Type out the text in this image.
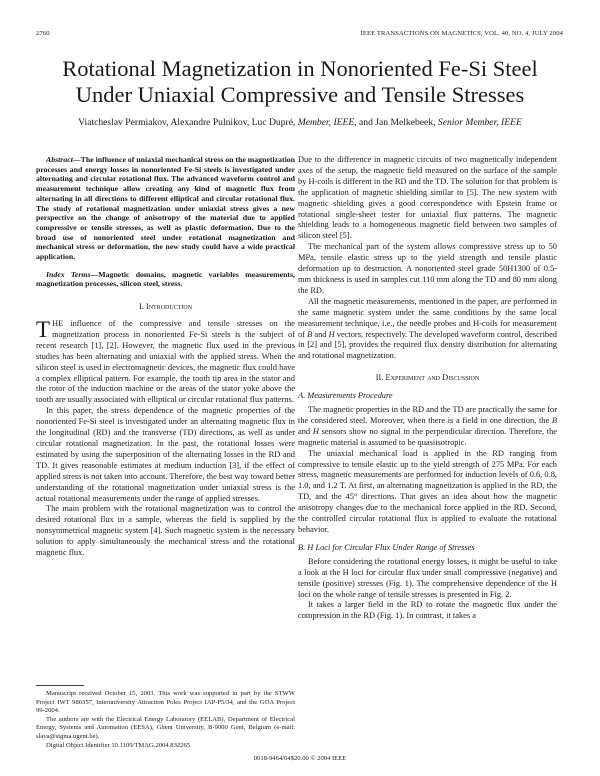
2760	IEEE TRANSACTIONS ON MAGNETICS, VOL. 40, NO. 4, JULY 2004
Rotational Magnetization in Nonoriented Fe-Si Steel
Under Uniaxial Compressive and Tensile Stresses
Viatcheslav Permiakov, Alexandre Pulnikov, Luc Dupré, Member, IEEE, and Jan Melkebeek, Senior Member, IEEE

Abstract—The influence of uniaxial mechanical stress on the magnetization processes and energy losses in nonoriented Fe-Si steels is investigated under alternating and circular rotational flux. The advanced waveform control and measurement technique allow creating any kind of magnetic flux from alternating in all directions to different elliptical and circular rotational flux. The study of rotational magnetization under uniaxial stress gives a new perspective on the change of anisotropy of the material due to applied compressive or tensile stresses, as well as plastic deformation. Due to the broad use of nonoriented steel under rotational magnetization and mechanical stress or deformation, the new study could have a wide practical application.

Index Terms—Magnetic domains, magnetic variables measurements, magnetization processes, silicon steel, stress.

I. Introduction

THE influence of the compressive and tensile stresses on the magnetization process in nonoriented Fe-Si steels is the subject of recent research [1], [2]. However, the magnetic flux used in the previous studies has been alternating and uniaxial with the applied stress. When the silicon steel is used in electromagnetic devices, the magnetic flux could have a complex elliptical pattern. For example, the tooth tip area in the stator and the rotor of the induction machine or the areas of the stator yoke above the tooth are usually associated with elliptical or circular rotational flux patterns.

In this paper, the stress dependence of the magnetic properties of the nonoriented Fe-Si steel is investigated under an alternating magnetic flux in the longitudinal (RD) and the transverse (TD) directions, as well as under circular rotational magnetization. In the past, the rotational losses were estimated by using the superposition of the alternating losses in the RD and TD. It gives reasonable estimates at medium induction [3], if the effect of applied stress is not taken into account. Therefore, the best way toward better understanding of the rotational magnetization under uniaxial stress is the actual rotational measurements under the range of applied stresses.

The main problem with the rotational magnetization was to control the desired rotational flux in a sample, whereas the field is supplied by the nonsymmetrical magnetic system [4]. Such magnetic system is the necessary solution to apply simultaneously the mechanical stress and the rotational magnetic flux.

Due to the difference in magnetic circuits of two magnetically independent axes of the setup, the magnetic field measured on the surface of the sample by H-coils is different in the RD and the TD. The solution for that problem is the application of magnetic shielding similar to [5]. The new system with magnetic shielding gives a good correspondence with Epstein frame or rotational single-sheet tester for uniaxial flux patterns. The magnetic shielding leads to a homogeneous magnetic field between two samples of silicon steel [5].

The mechanical part of the system allows compressive stress up to 50 MPa, tensile elastic stress up to the yield strength and tensile plastic deformation up to destruction. A nonoriented steel grade 50H1300 of 0.5-mm thickness is used in samples cut 110 mm along the TD and 80 mm along the RD.

All the magnetic measurements, mentioned in the paper, are performed in the same magnetic system under the same conditions by the same local measurement technique, i.e., the needle probes and H-coils for measurement of B and H vectors, respectively. The developed waveform control, described in [2] and [5], provides the required flux density distribution for alternating and rotational magnetization.

II. Experiment and Discussion
A. Measurements Procedure

The magnetic properties in the RD and the TD are practically the same for the considered steel. Moreover, when there is a field in one direction, the B and H sensors show no signal in the perpendicular direction. Therefore, the magnetic material is assumed to be quasiisotropic.

The uniaxial mechanical load is applied in the RD ranging from compressive to tensile elastic up to the yield strength of 275 MPa. For each stress, magnetic measurements are performed for induction levels of 0.6, 0.8, 1.0, and 1.2 T. At first, an alternating magnetization is applied in the RD, the TD, and the 45° directions. That gives an idea about how the magnetic anisotropy changes due to the mechanical force applied in the RD. Second, the controlled circular rotational flux is applied to evaluate the rotational behavior.

B. H Loci for Circular Flux Under Range of Stresses

Before considering the rotational energy losses, it might be useful to take a look at the H loci for circular flux under small compressive (negative) and tensile (positive) stresses (Fig. 1). The comprehensive dependence of the H loci on the whole range of tensile stresses is presented in Fig. 2.

It takes a larger field in the RD to rotate the magnetic flux under the compression in the RD (Fig. 1). In contrast, it takes a

Manuscript received October 15, 2003. This work was supported in part by the STWW Project IWT 980357, Interuniversity Attraction Poles Project IAP-P5/34, and the GOA Project 99-2004.

The authors are with the Electrical Energy Laboratory (EELAB), Department of Electrical Energy, Systems and Automation (EESA), Ghent University, B-9000 Gent, Belgium (e-mail: slava@sigma.ugent.be).

Digital Object Identifier 10.1109/TMAG.2004.832265

0018-9464/04$20.00 © 2004 IEEE
